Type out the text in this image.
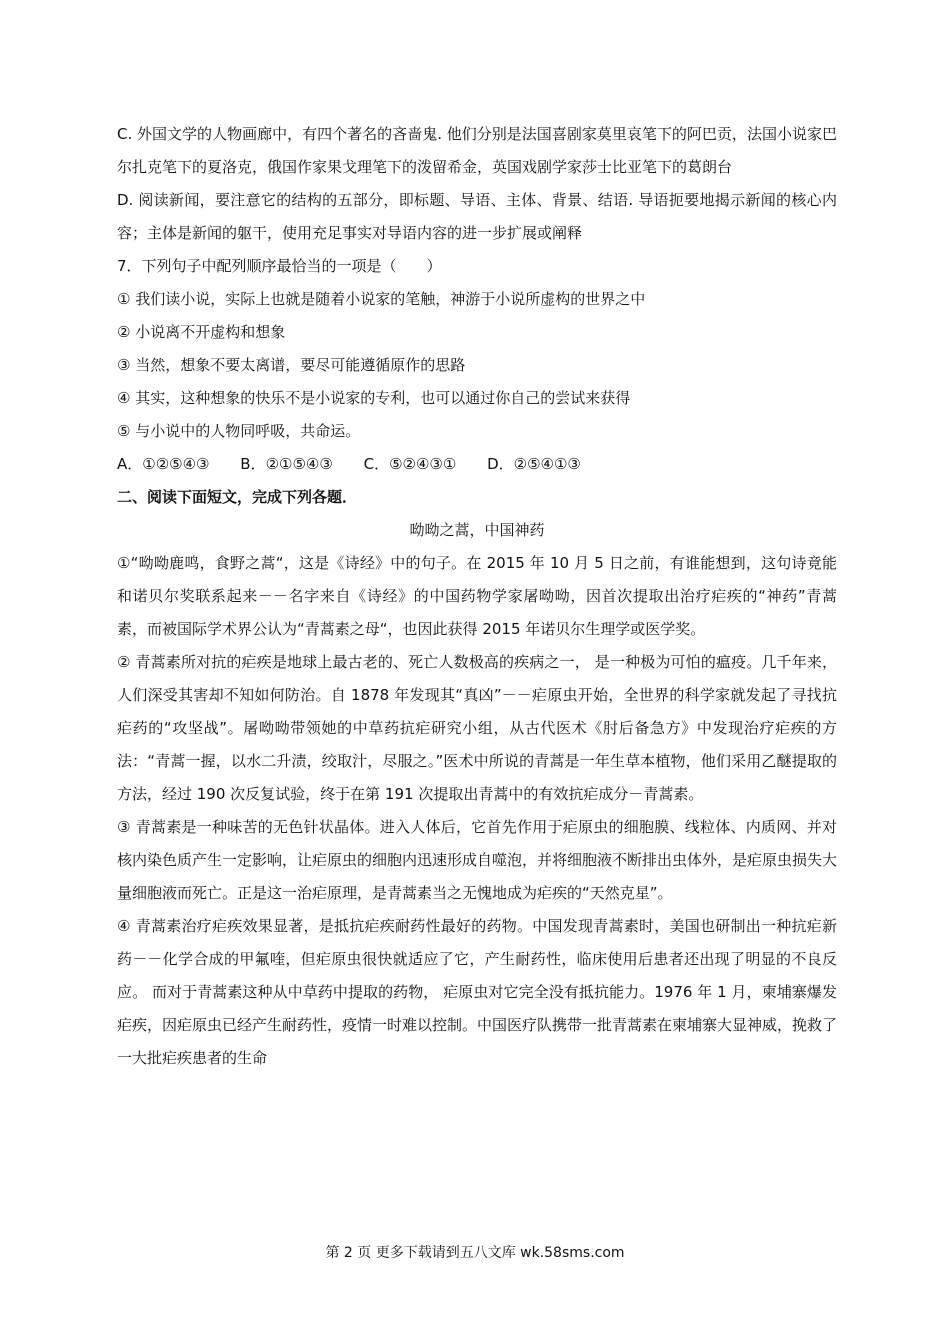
C. 外国文学的人物画廊中，有四个著名的吝啬鬼. 他们分别是法国喜剧家莫里哀笔下的阿巴贡，法国小说家巴尔扎克笔下的夏洛克，俄国作家果戈理笔下的泼留希金，英国戏剧学家莎士比亚笔下的葛朗台
D. 阅读新闻，要注意它的结构的五部分，即标题、导语、主体、背景、结语. 导语扼要地揭示新闻的核心内容；主体是新闻的躯干，使用充足事实对导语内容的进一步扩展或阐释
7．下列句子中配列顺序最恰当的一项是（　　）
① 我们读小说，实际上也就是随着小说家的笔触，神游于小说所虚构的世界之中
② 小说离不开虚构和想象
③ 当然，想象不要太离谱，要尽可能遵循原作的思路
④ 其实，这种想象的快乐不是小说家的专利，也可以通过你自己的尝试来获得
⑤ 与小说中的人物同呼吸，共命运。
A．①②⑤④③ B．②①⑤④③ C．⑤②④③① D．②⑤④①③
二、阅读下面短文，完成下列各题．
呦呦之蒿，中国神药
①“呦呦鹿鸣，食野之蒿“，这是《诗经》中的句子。在 2015 年 10 月 5 日之前，有谁能想到，这句诗竟能和诺贝尔奖联系起来－－名字来自《诗经》的中国药物学家屠呦呦，因首次提取出治疗疟疾的“神药”青蒿素，而被国际学术界公认为“青蒿素之母“，也因此获得 2015 年诺贝尔生理学或医学奖。
② 青蒿素所对抗的疟疾是地球上最古老的、死亡人数极高的疾病之一， 是一种极为可怕的瘟疫。几千年来，人们深受其害却不知如何防治。自 1878 年发现其“真凶”－－疟原虫开始，全世界的科学家就发起了寻找抗疟药的“攻坚战”。屠呦呦带领她的中草药抗疟研究小组，从古代医术《肘后备急方》中发现治疗疟疾的方法：“青蒿一握，以水二升渍，绞取汁，尽服之。”医术中所说的青蒿是一年生草本植物，他们采用乙醚提取的方法，经过 190 次反复试验，终于在第 191 次提取出青蒿中的有效抗疟成分－青蒿素。
③ 青蒿素是一种味苦的无色针状晶体。进入人体后，它首先作用于疟原虫的细胞膜、线粒体、内质网、并对核内染色质产生一定影响，让疟原虫的细胞内迅速形成自噬泡，并将细胞液不断排出虫体外，是疟原虫损失大量细胞液而死亡。正是这一治疟原理，是青蒿素当之无愧地成为疟疾的“天然克星”。
④ 青蒿素治疗疟疾效果显著，是抵抗疟疾耐药性最好的药物。中国发现青蒿素时，美国也研制出一种抗疟新药－－化学合成的甲氟喹，但疟原虫很快就适应了它，产生耐药性，临床使用后患者还出现了明显的不良反应。 而对于青蒿素这种从中草药中提取的药物， 疟原虫对它完全没有抵抗能力。1976 年 1 月，柬埔寨爆发疟疾，因疟原虫已经产生耐药性，疫情一时难以控制。中国医疗队携带一批青蒿素在柬埔寨大显神威，挽救了一大批疟疾患者的生命
第 2 页 更多下载请到五八文库 wk.58sms.com
